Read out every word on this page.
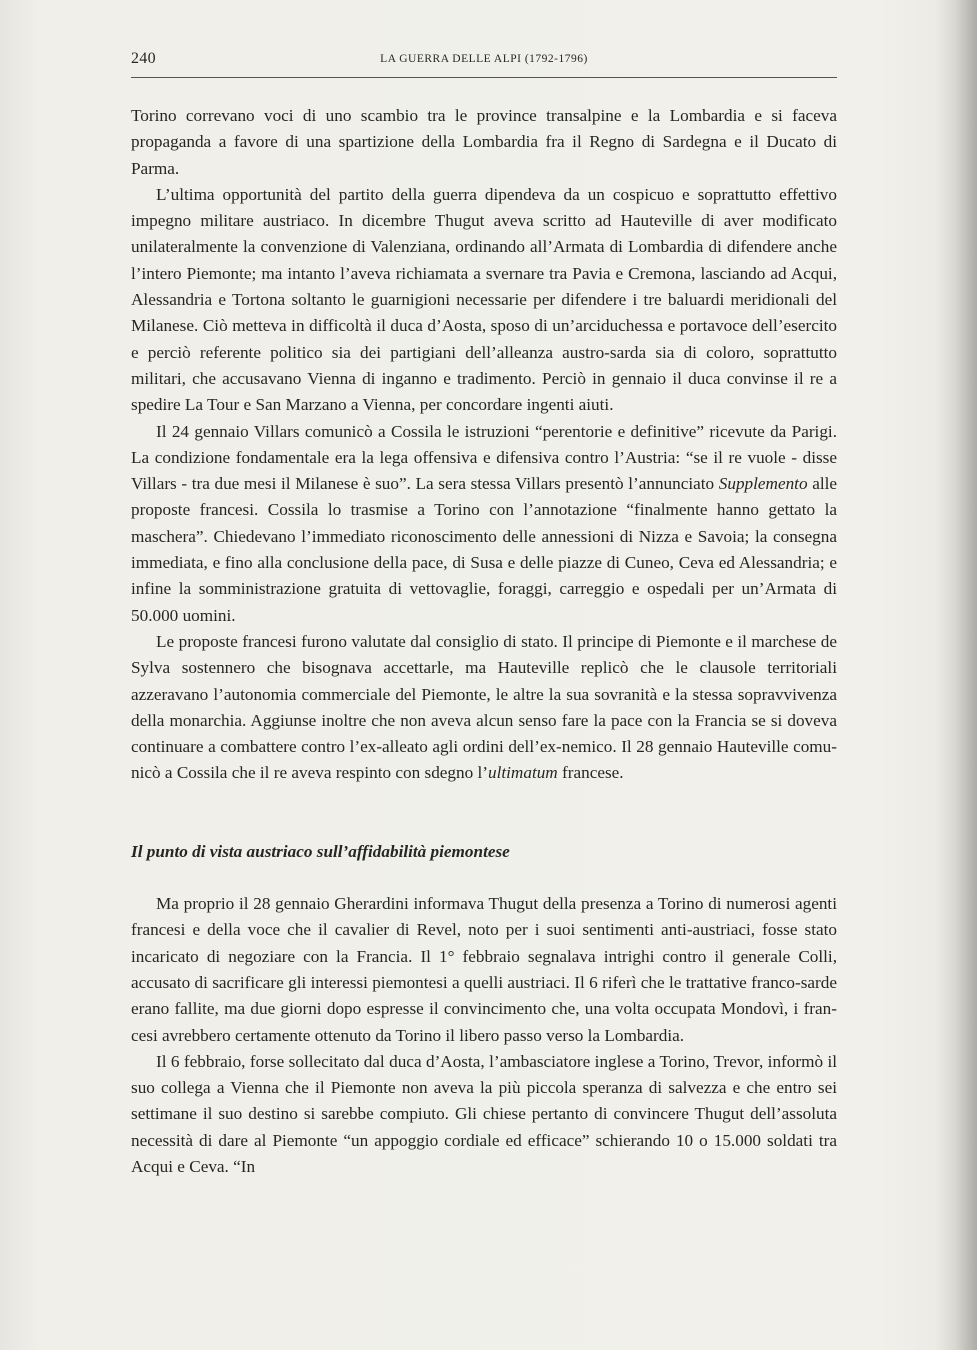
240	LA GUERRA DELLE ALPI (1792-1796)

Torino correvano voci di uno scambio tra le province transalpine e la Lombardia e si faceva propaganda a favore di una spartizione della Lombardia fra il Regno di Sardegna e il Ducato di Parma.

L’ultima opportunità del partito della guerra dipendeva da un cospicuo e soprattutto effettivo impegno militare austriaco. In dicembre Thugut aveva scritto ad Hauteville di aver modificato unilateralmente la convenzione di Valenziana, ordinando all’Armata di Lombardia di difendere anche l’intero Piemonte; ma intanto l’aveva richiamata a svernare tra Pavia e Cremona, lasciando ad Acqui, Alessandria e Tortona soltanto le guarnigioni necessarie per difendere i tre baluardi meridionali del Milanese. Ciò metteva in difficoltà il duca d’Aosta, sposo di un’arciduchessa e portavoce dell’esercito e perciò referente politico sia dei partigiani dell’alleanza austro-sarda sia di coloro, soprattutto militari, che accusavano Vienna di inganno e tradimento. Perciò in gennaio il duca convinse il re a spedire La Tour e San Marzano a Vienna, per concordare ingenti aiuti.

Il 24 gennaio Villars comunicò a Cossila le istruzioni “perentorie e definitive” ricevute da Parigi. La condizione fondamentale era la lega offensiva e difensiva contro l’Austria: “se il re vuole - disse Villars - tra due mesi il Milanese è suo”. La sera stessa Villars presentò l’annunciato Supplemento alle proposte francesi. Cossila lo trasmise a Torino con l’annotazione “finalmente hanno gettato la maschera”. Chiedevano l’immediato riconoscimento delle annessioni di Nizza e Savoia; la consegna immediata, e fino alla conclusione della pace, di Susa e delle piazze di Cuneo, Ceva ed Alessandria; e infine la somministrazione gratuita di vettovaglie, foraggi, carreggio e ospedali per un’Armata di 50.000 uomini.

Le proposte francesi furono valutate dal consiglio di stato. Il principe di Piemonte e il marchese de Sylva sostennero che bisognava accettarle, ma Hauteville replicò che le clausole territoriali azzeravano l’autonomia commerciale del Piemonte, le altre la sua sovranità e la stessa sopravvivenza della monarchia. Aggiunse inoltre che non aveva alcun senso fare la pace con la Francia se si doveva continuare a combattere contro l’ex-alleato agli ordini dell’ex-nemico. Il 28 gennaio Hauteville comunicò a Cossila che il re aveva respinto con sdegno l’ultimatum francese.

Il punto di vista austriaco sull’affidabilità piemontese

Ma proprio il 28 gennaio Gherardini informava Thugut della presenza a Torino di numerosi agenti francesi e della voce che il cavalier di Revel, noto per i suoi sentimenti anti-austriaci, fosse stato incaricato di negoziare con la Francia. Il 1° febbraio segnalava intrighi contro il generale Colli, accusato di sacrificare gli interessi piemontesi a quelli austriaci. Il 6 riferì che le trattative franco-sarde erano fallite, ma due giorni dopo espresse il convincimento che, una volta occupata Mondovì, i francesi avrebbero certamente ottenuto da Torino il libero passo verso la Lombardia.

Il 6 febbraio, forse sollecitato dal duca d’Aosta, l’ambasciatore inglese a Torino, Trevor, informò il suo collega a Vienna che il Piemonte non aveva la più piccola speranza di salvezza e che entro sei settimane il suo destino si sarebbe compiuto. Gli chiese pertanto di convincere Thugut dell’assoluta necessità di dare al Piemonte “un appoggio cordiale ed efficace” schierando 10 o 15.000 soldati tra Acqui e Ceva. “In
